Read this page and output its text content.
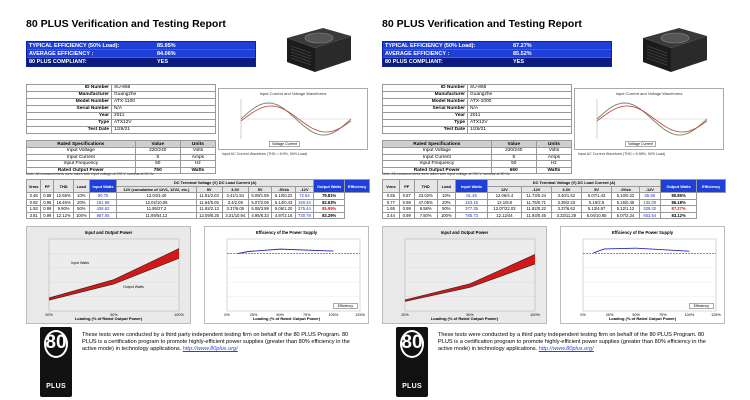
80 PLUS Verification and Testing Report
TYPICAL EFFICIENCY (50% Load):	85.95%
AVERAGE EFFICIENCY :	84.06%
80 PLUS COMPLIANT:	YES
ID Number	SU-866
Manufacturer	Guangzhe
Model Number	ATX-1100
Serial Number	N/A
Year	2011
Type	ATX12V
Test Date	1/26/21
Input Current and Voltage Waveforms
Voltage Current
Rated Specifications	Value	Units
Input Voltage	220/240	Volts
Input Current	6	Amps
Input Frequency	50	Hz
Rated Output Power	750	Watts
Input AC Current Waveform (THD = 8.9%, 50% Load)
Note: All measurements were taken with input voltage at 230 V nominal at 50 Hz.
Vrms	PF	THD	Load	Input Watts	DC Terminal Voltage (V) DC Load Current (A)						Output Watts	Efficiency
					12V (cumulative of 12V1, 12V2, etc.)	5V	3.3V	5V	-5Vsb	-12V		
0.48	0.88	12.65%	10%	90.75	12.04/3.40	11.81/2.03	3.41/1.54	5.09/1.69	5.10/0.22	72.64	79.81%	
0.92	0.96	16.46%	20%	181.96	12.02/10.06	11.64/5.05	3.4/2.09	5.07/2.06	5.14/0.43	150.34	82.63%	
1.93	0.99	9.90%	50%	436.82	11.95/27.2	11.92/2.13	3.37/6.05	5.06/3.99	5.06/1.20	375.44	85.95%	
3.81	0.99	12.12%	100%	867.05	11.89/54.12	12.09/5.25	3.31/10.94	4.95/8.33	4.97/2.16	730.78	83.29%	
Input and Output Power
20%	50%	100%
Input Watts
Output Watts
Loading (% of Rated Output Power)
Efficiency of the Power Supply
0%	25%	50%	75%	100%	125%
Efficiency
Loading (% of Rated Output Power)
80
PLUS
These tests were conducted by a third party independent testing firm on behalf of the 80 PLUS Program. 80 PLUS is a certification program to promote highly-efficient power supplies (greater than 80% efficiency in the active mode) in technology applications. http://www.80plus.org/
80 PLUS Verification and Testing Report
TYPICAL EFFICIENCY (50% Load):	87.27%
AVERAGE EFFICIENCY :	85.52%
80 PLUS COMPLIANT:	YES
ID Number	SU-865
Manufacturer	Guangzhe
Model Number	ATX-1000
Serial Number	N/A
Year	2011
Type	ATX12V
Test Date	1/26/21
Input Current and Voltage Waveforms
Voltage Current
Rated Specifications	Value	Units
Input Voltage	220/240	Volts
Input Current	6	Amps
Input Frequency	50	Hz
Rated Output Power	650	Watts
Input AC Current Waveform (THD = 6.58%, 50% Load)
Note: All measurements were taken with input voltage at 230 V nominal at 50 Hz.
Vrms	PF	THD	Load	Input Watts	DC Terminal Voltage (V) DC Load Current (A)						Output Watts	Efficiency
					12V	-12V	3.3V	5V	-5Vsb	-12V		
0.55	0.87	23.02%	10%	81.45	12.06/4.4	11.73/0.24	3.40/1.52	5.07/1.43	5.10/0.22	65.86	80.86%	
0.77	0.98	47.05%	20%	153.15	12.1/8.8	11.75/0.71	3.39/2.33	5.19/2.8	5.16/0.45	132.00	86.18%	
1.65	0.99	6.58%	50%	377.35	12.07/22.03	11.82/0.22	3.37/6.62	5.13/4.97	5.12/1.12	329.32	87.27%	
3.44	0.99	7.50%	100%	785.73	12.12/44	11.93/0.45	3.33/11.28	5.04/10.65	5.07/2.24	653.54	83.12%	
Input and Output Power
20%	50%	100%
Loading (% of Rated Output Power)
Efficiency of the Power Supply
0%	25%	50%	75%	100%	125%
Efficiency
Loading (% of Rated Output Power)
80
PLUS
These tests were conducted by a third party independent testing firm on behalf of the 80 PLUS Program. 80 PLUS is a certification program to promote highly-efficient power supplies (greater than 80% efficiency in the active mode) in technology applications. http://www.80plus.org/
